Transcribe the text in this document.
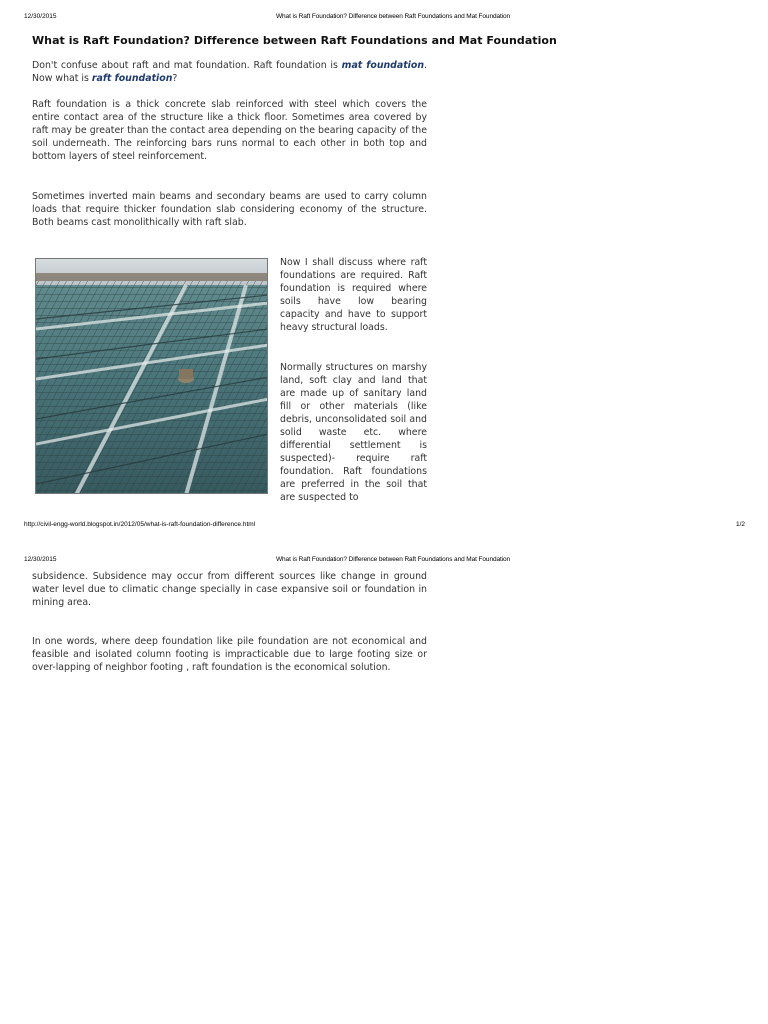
12/30/2015	What is Raft Foundation? Difference between Raft Foundations and Mat Foundation
What is Raft Foundation? Difference between Raft Foundations and Mat Foundation

Don't confuse about raft and mat foundation. Raft foundation is mat foundation. Now what is raft foundation?

Raft foundation is a thick concrete slab reinforced with steel which covers the entire contact area of the structure like a thick floor. Sometimes area covered by raft may be greater than the contact area depending on the bearing capacity of the soil underneath. The reinforcing bars runs normal to each other in both top and bottom layers of steel reinforcement.

Sometimes inverted main beams and secondary beams are used to carry column loads that require thicker foundation slab considering economy of the structure. Both beams cast monolithically with raft slab.

Now I shall discuss where raft foundations are required. Raft foundation is required where soils have low bearing capacity and have to support heavy structural loads.

Normally structures on marshy land, soft clay and land that are made up of sanitary land fill or other materials (like debris, unconsolidated soil and solid waste etc. where differential settlement is suspected)- require raft foundation. Raft foundations are preferred in the soil that are suspected to

http://civil-engg-world.blogspot.in/2012/05/what-is-raft-foundation-difference.html	1/2
12/30/2015	What is Raft Foundation? Difference between Raft Foundations and Mat Foundation

subsidence. Subsidence may occur from different sources like change in ground water level due to climatic change specially in case expansive soil or foundation in mining area.

In one words, where deep foundation like pile foundation are not economical and feasible and isolated column footing is impracticable due to large footing size or over-lapping of neighbor footing , raft foundation is the economical solution.
